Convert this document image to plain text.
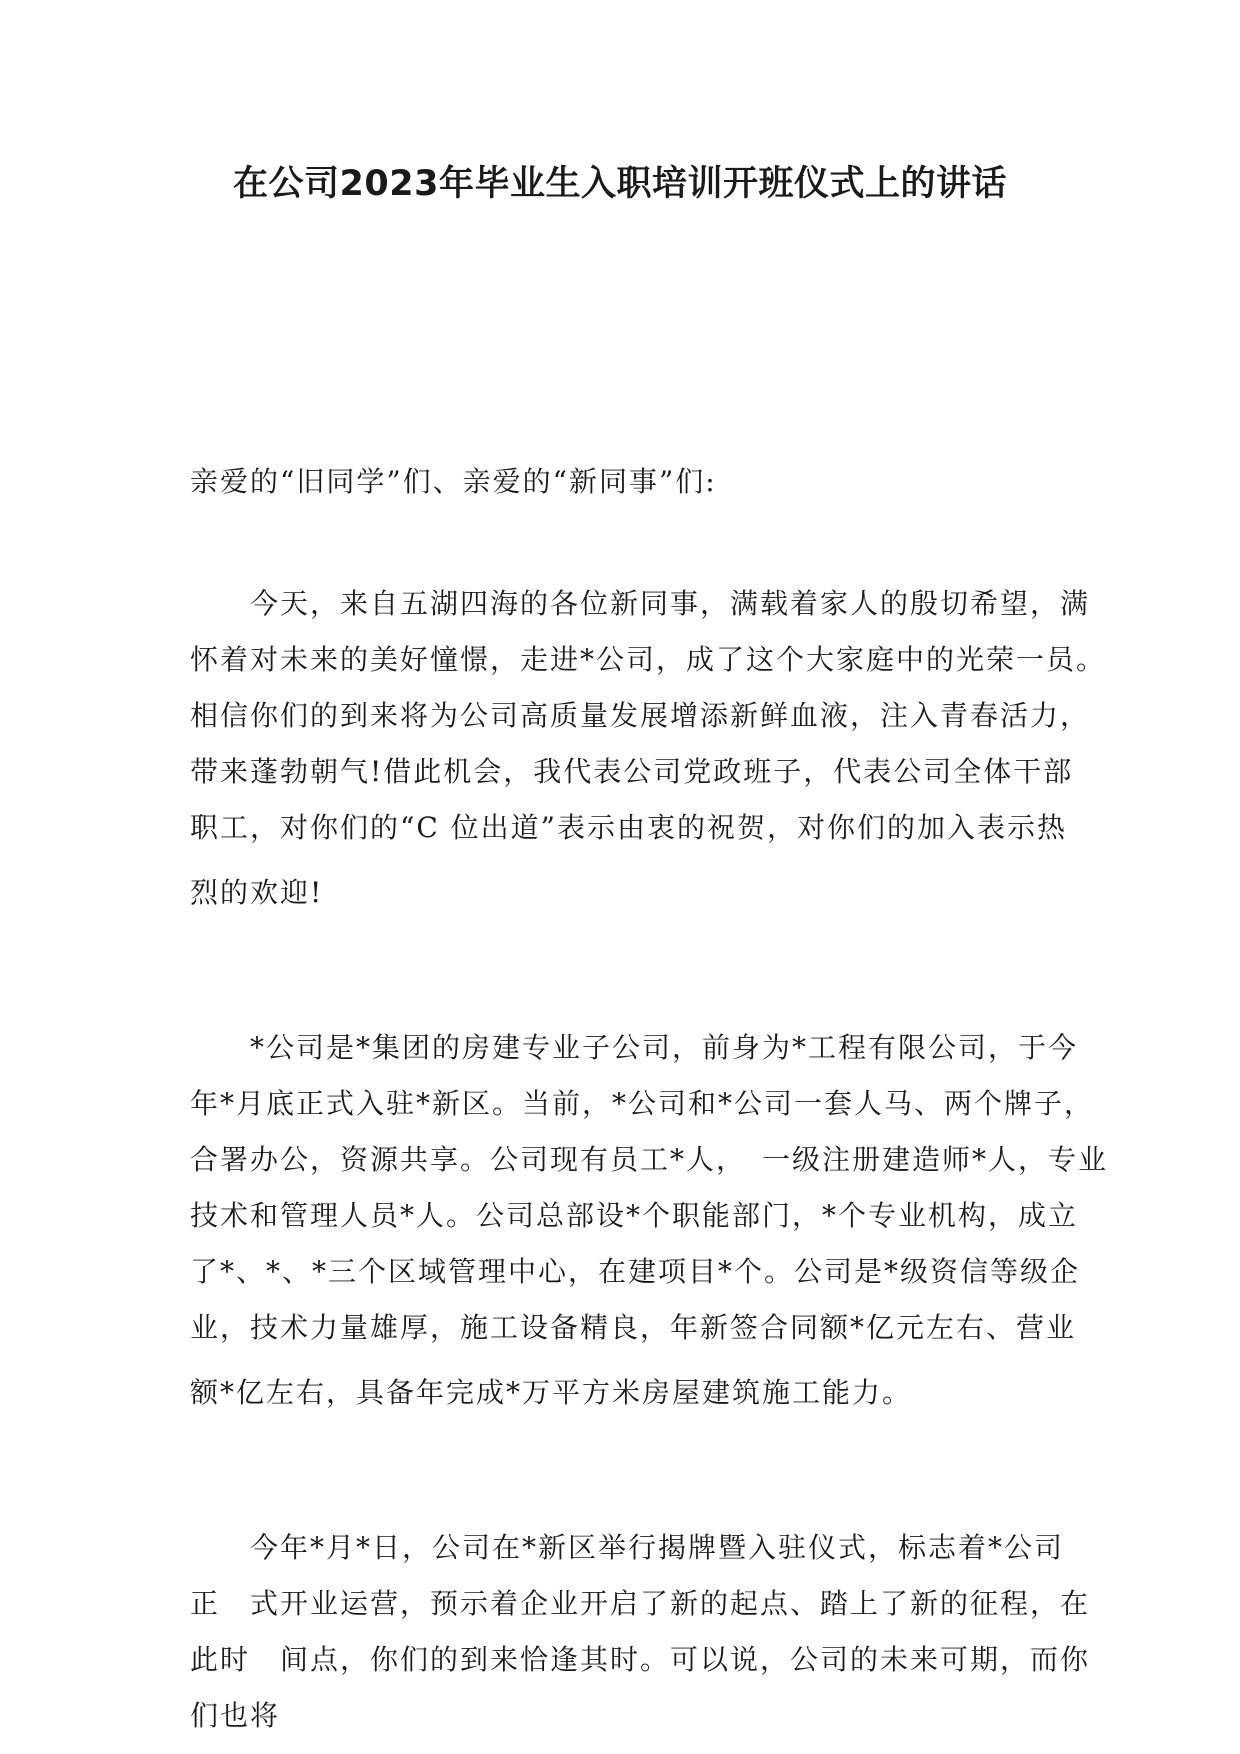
在公司2023年毕业生入职培训开班仪式上的讲话

亲爱的“旧同学”们、亲爱的“新同事”们:

　　今天，来自五湖四海的各位新同事，满载着家人的殷切希望，满

怀着对未来的美好憧憬，走进*公司，成了这个大家庭中的光荣一员。

相信你们的到来将为公司高质量发展增添新鲜血液，注入青春活力，

带来蓬勃朝气!借此机会，我代表公司党政班子，代表公司全体干部

职工，对你们的“C 位出道”表示由衷的祝贺，对你们的加入表示热

烈的欢迎!

　　*公司是*集团的房建专业子公司，前身为*工程有限公司，于今

年*月底正式入驻*新区。当前，*公司和*公司一套人马、两个牌子，

合署办公，资源共享。公司现有员工*人，　一级注册建造师*人，专业

技术和管理人员*人。公司总部设*个职能部门，*个专业机构，成立

了*、*、*三个区域管理中心，在建项目*个。公司是*级资信等级企

业，技术力量雄厚，施工设备精良，年新签合同额*亿元左右、营业

额*亿左右，具备年完成*万平方米房屋建筑施工能力。

　　今年*月*日，公司在*新区举行揭牌暨入驻仪式，标志着*公司

正　式开业运营，预示着企业开启了新的起点、踏上了新的征程，在

此时　间点，你们的到来恰逢其时。可以说，公司的未来可期，而你

们也将
